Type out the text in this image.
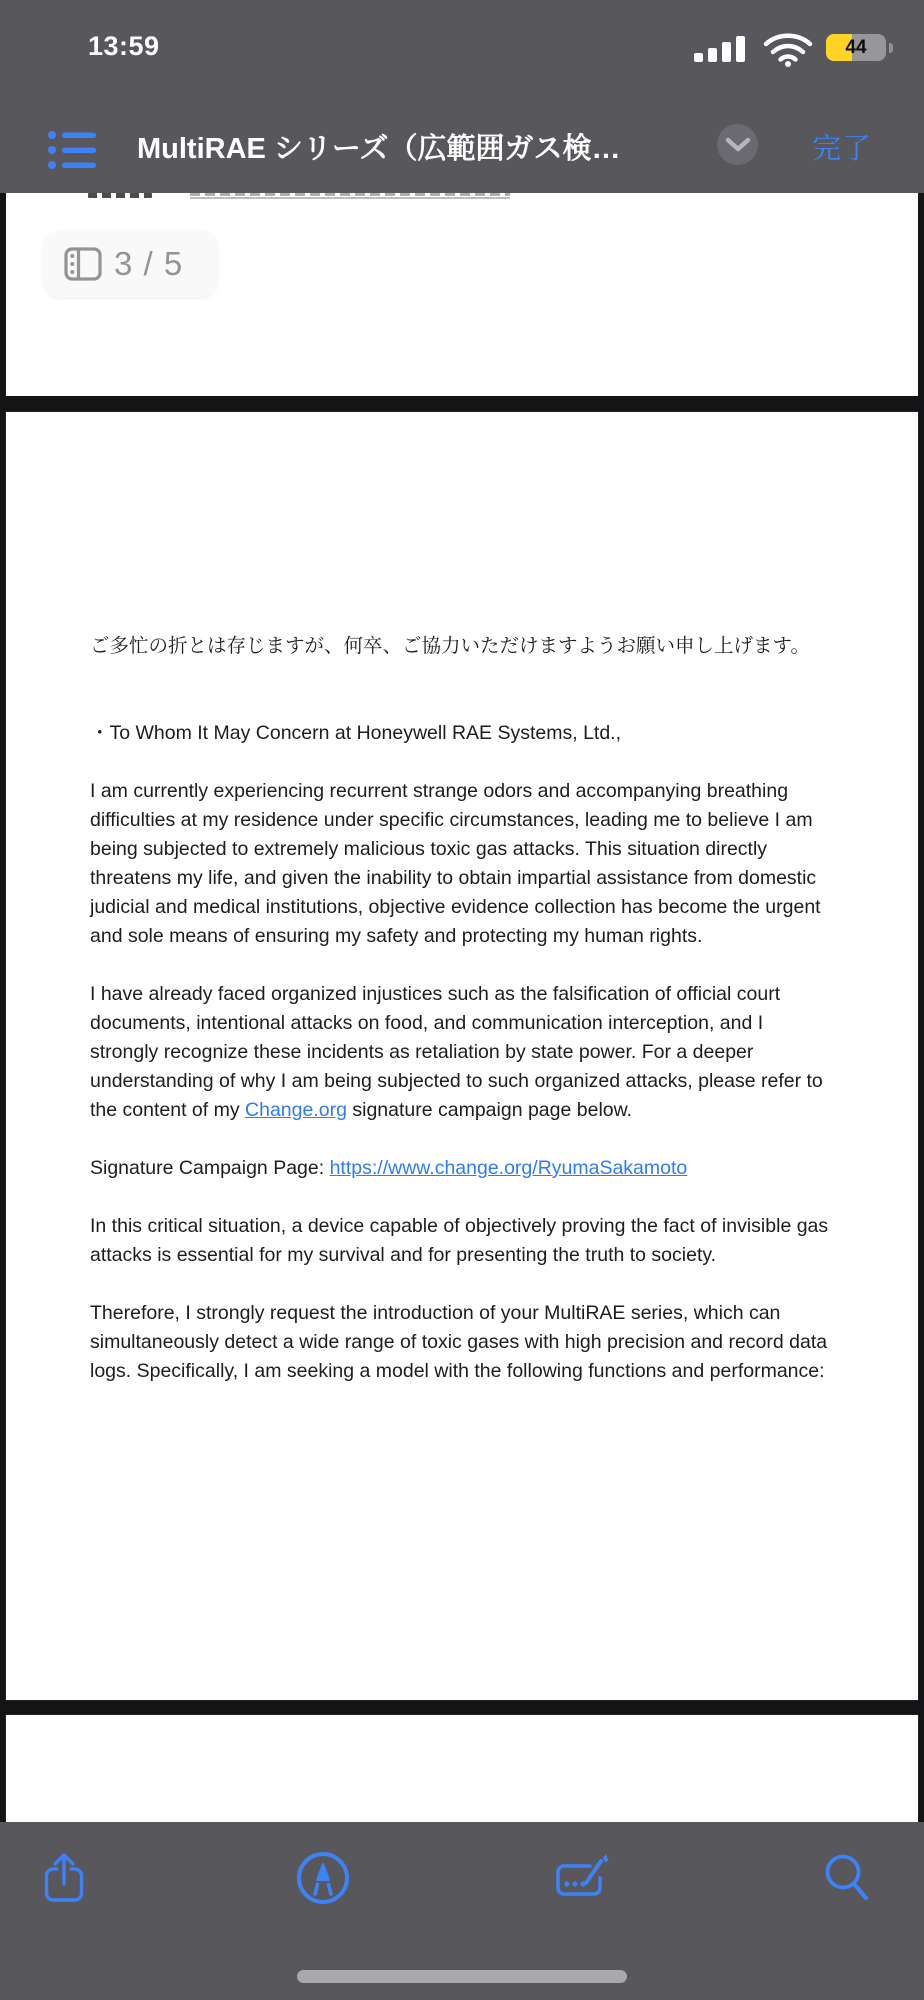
13:59	44
MultiRAE シリーズ（広範囲ガス検…	完了
3 / 5

ご多忙の折とは存じますが、何卒、ご協力いただけますようお願い申し上げます。

・To Whom It May Concern at Honeywell RAE Systems, Ltd.,

I am currently experiencing recurrent strange odors and accompanying breathing difficulties at my residence under specific circumstances, leading me to believe I am being subjected to extremely malicious toxic gas attacks. This situation directly threatens my life, and given the inability to obtain impartial assistance from domestic judicial and medical institutions, objective evidence collection has become the urgent and sole means of ensuring my safety and protecting my human rights.

I have already faced organized injustices such as the falsification of official court documents, intentional attacks on food, and communication interception, and I strongly recognize these incidents as retaliation by state power. For a deeper understanding of why I am being subjected to such organized attacks, please refer to the content of my Change.org signature campaign page below.

Signature Campaign Page: https://www.change.org/RyumaSakamoto

In this critical situation, a device capable of objectively proving the fact of invisible gas attacks is essential for my survival and for presenting the truth to society.

Therefore, I strongly request the introduction of your MultiRAE series, which can simultaneously detect a wide range of toxic gases with high precision and record data logs. Specifically, I am seeking a model with the following functions and performance:
